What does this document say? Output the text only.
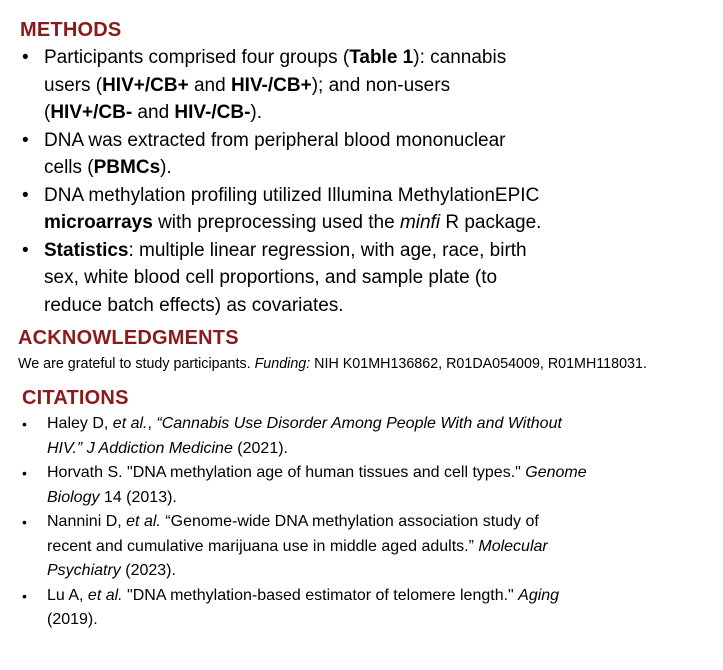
METHODS
• Participants comprised four groups (Table 1): cannabis
users (HIV+/CB+ and HIV-/CB+); and non-users
(HIV+/CB- and HIV-/CB-).
• DNA was extracted from peripheral blood mononuclear
cells (PBMCs).
• DNA methylation profiling utilized Illumina MethylationEPIC
microarrays with preprocessing used the minfi R package.
• Statistics: multiple linear regression, with age, race, birth
sex, white blood cell proportions, and sample plate (to
reduce batch effects) as covariates.
ACKNOWLEDGMENTS

We are grateful to study participants. Funding: NIH K01MH136862, R01DA054009, R01MH118031.

CITATIONS
• Haley D, et al., “Cannabis Use Disorder Among People With and Without
HIV.” J Addiction Medicine (2021).
• Horvath S. "DNA methylation age of human tissues and cell types." Genome
Biology 14 (2013).
• Nannini D, et al. “Genome-wide DNA methylation association study of
recent and cumulative marijuana use in middle aged adults.” Molecular
Psychiatry (2023).
• Lu A, et al. "DNA methylation-based estimator of telomere length." Aging
(2019).
